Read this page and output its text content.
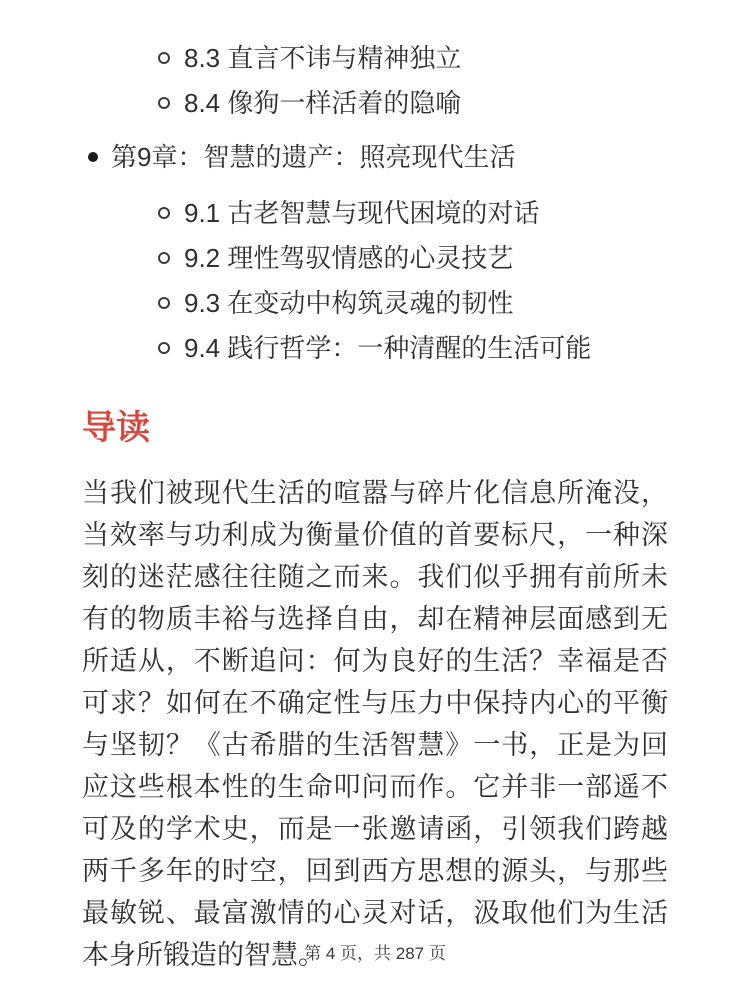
8.3 直言不讳与精神独立
8.4 像狗一样活着的隐喻
第9章：智慧的遗产：照亮现代生活
9.1 古老智慧与现代困境的对话
9.2 理性驾驭情感的心灵技艺
9.3 在变动中构筑灵魂的韧性
9.4 践行哲学：一种清醒的生活可能
导读

当我们被现代生活的喧嚣与碎片化信息所淹没，当效率与功利成为衡量价值的首要标尺，一种深刻的迷茫感往往随之而来。我们似乎拥有前所未有的物质丰裕与选择自由，却在精神层面感到无所适从，不断追问：何为良好的生活？幸福是否可求？如何在不确定性与压力中保持内心的平衡与坚韧？《古希腊的生活智慧》一书，正是为回应这些根本性的生命叩问而作。它并非一部遥不可及的学术史，而是一张邀请函，引领我们跨越两千多年的时空，回到西方思想的源头，与那些最敏锐、最富激情的心灵对话，汲取他们为生活本身所锻造的智慧。

第 4 页，共 287 页
